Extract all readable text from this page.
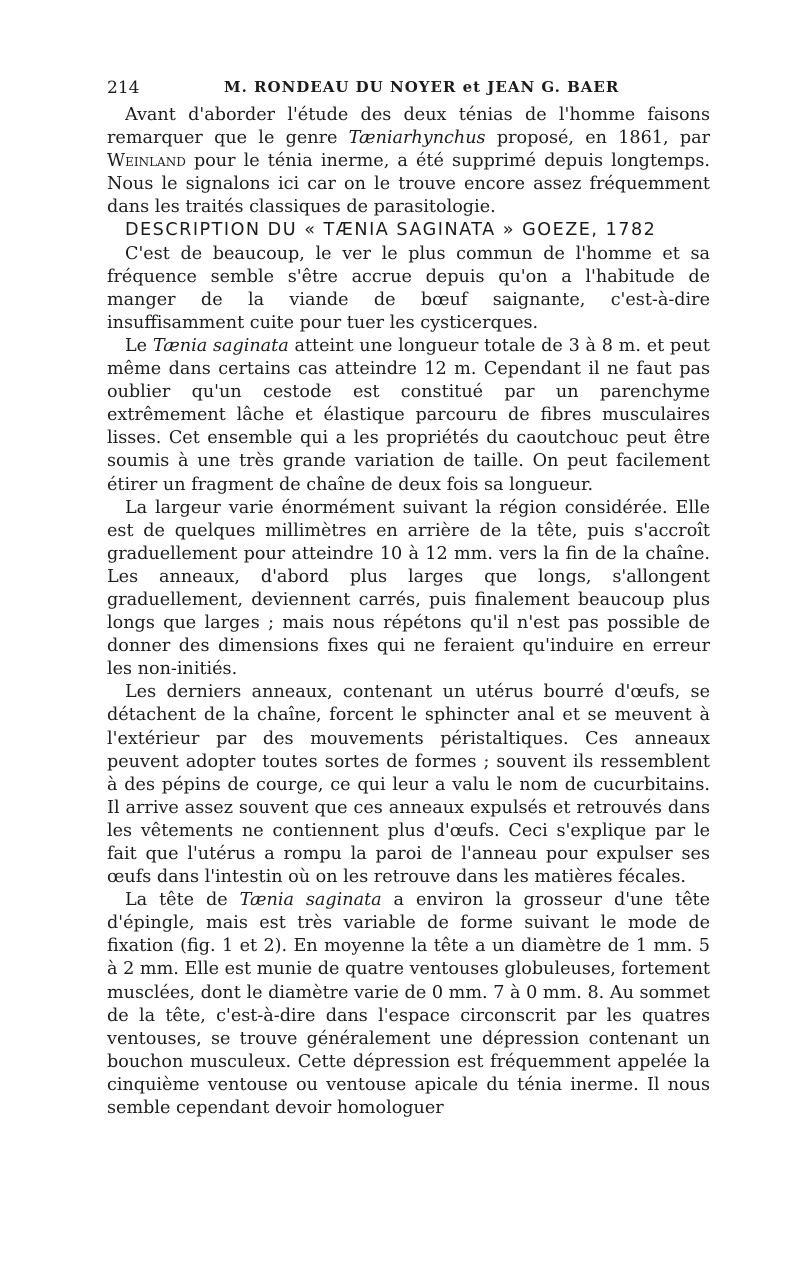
214	M. RONDEAU DU NOYER et JEAN G. BAER

Avant d'aborder l'étude des deux ténias de l'homme faisons remarquer que le genre Tæniarhynchus proposé, en 1861, par Weinland pour le ténia inerme, a été supprimé depuis longtemps. Nous le signalons ici car on le trouve encore assez fréquemment dans les traités classiques de parasitologie.

DESCRIPTION DU « TÆNIA SAGINATA » GOEZE, 1782

C'est de beaucoup, le ver le plus commun de l'homme et sa fréquence semble s'être accrue depuis qu'on a l'habitude de manger de la viande de bœuf saignante, c'est-à-dire insuffisamment cuite pour tuer les cysticerques.

Le Tænia saginata atteint une longueur totale de 3 à 8 m. et peut même dans certains cas atteindre 12 m. Cependant il ne faut pas oublier qu'un cestode est constitué par un parenchyme extrêmement lâche et élastique parcouru de fibres musculaires lisses. Cet ensemble qui a les propriétés du caoutchouc peut être soumis à une très grande variation de taille. On peut facilement étirer un fragment de chaîne de deux fois sa longueur.

La largeur varie énormément suivant la région considérée. Elle est de quelques millimètres en arrière de la tête, puis s'accroît graduellement pour atteindre 10 à 12 mm. vers la fin de la chaîne. Les anneaux, d'abord plus larges que longs, s'allongent graduellement, deviennent carrés, puis finalement beaucoup plus longs que larges ; mais nous répétons qu'il n'est pas possible de donner des dimensions fixes qui ne feraient qu'induire en erreur les non-initiés.

Les derniers anneaux, contenant un utérus bourré d'œufs, se détachent de la chaîne, forcent le sphincter anal et se meuvent à l'extérieur par des mouvements péristaltiques. Ces anneaux peuvent adopter toutes sortes de formes ; souvent ils ressemblent à des pépins de courge, ce qui leur a valu le nom de cucurbitains. Il arrive assez souvent que ces anneaux expulsés et retrouvés dans les vêtements ne contiennent plus d'œufs. Ceci s'explique par le fait que l'utérus a rompu la paroi de l'anneau pour expulser ses œufs dans l'intestin où on les retrouve dans les matières fécales.

La tête de Tænia saginata a environ la grosseur d'une tête d'épingle, mais est très variable de forme suivant le mode de fixation (fig. 1 et 2). En moyenne la tête a un diamètre de 1 mm. 5 à 2 mm. Elle est munie de quatre ventouses globuleuses, fortement musclées, dont le diamètre varie de 0 mm. 7 à 0 mm. 8. Au sommet de la tête, c'est-à-dire dans l'espace circonscrit par les quatres ventouses, se trouve généralement une dépression contenant un bouchon musculeux. Cette dépression est fréquemment appelée la cinquième ventouse ou ventouse apicale du ténia inerme. Il nous semble cependant devoir homologuer
